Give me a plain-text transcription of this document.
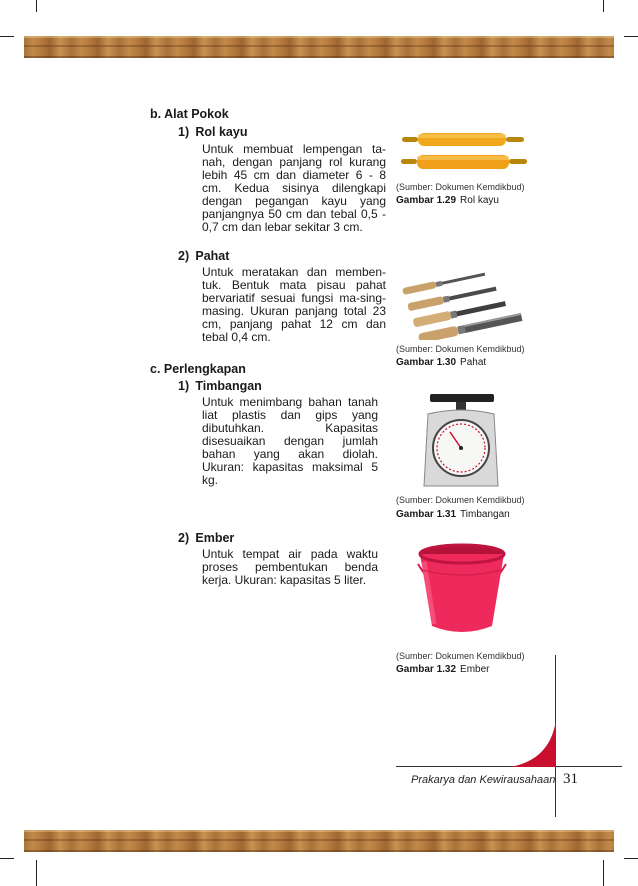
b. Alat Pokok
1) Rol kayu

Untuk membuat lempengan ta-nah, dengan panjang rol kurang lebih 45 cm dan diameter 6 - 8 cm. Kedua sisinya dilengkapi dengan pegangan kayu yang panjangnya 50 cm dan tebal 0,5 - 0,7 cm dan lebar sekitar 3 cm.

(Sumber: Dokumen Kemdikbud)
Gambar 1.29 Rol kayu
2) Pahat

Untuk meratakan dan memben-tuk. Bentuk mata pisau pahat bervariatif sesuai fungsi ma-sing-masing. Ukuran panjang total 23 cm, panjang pahat 12 cm dan tebal 0,4 cm.

(Sumber: Dokumen Kemdikbud)
Gambar 1.30 Pahat
c. Perlengkapan
1) Timbangan

Untuk menimbang bahan tanah liat plastis dan gips yang dibutuhkan. Kapasitas disesuaikan dengan jumlah bahan yang akan diolah. Ukuran: kapasitas maksimal 5 kg.

(Sumber: Dokumen Kemdikbud)
Gambar 1.31 Timbangan
2) Ember

Untuk tempat air pada waktu proses pembentukan benda kerja. Ukuran: kapasitas 5 liter.

(Sumber: Dokumen Kemdikbud)
Gambar 1.32 Ember
Prakarya dan Kewirausahaan 31
